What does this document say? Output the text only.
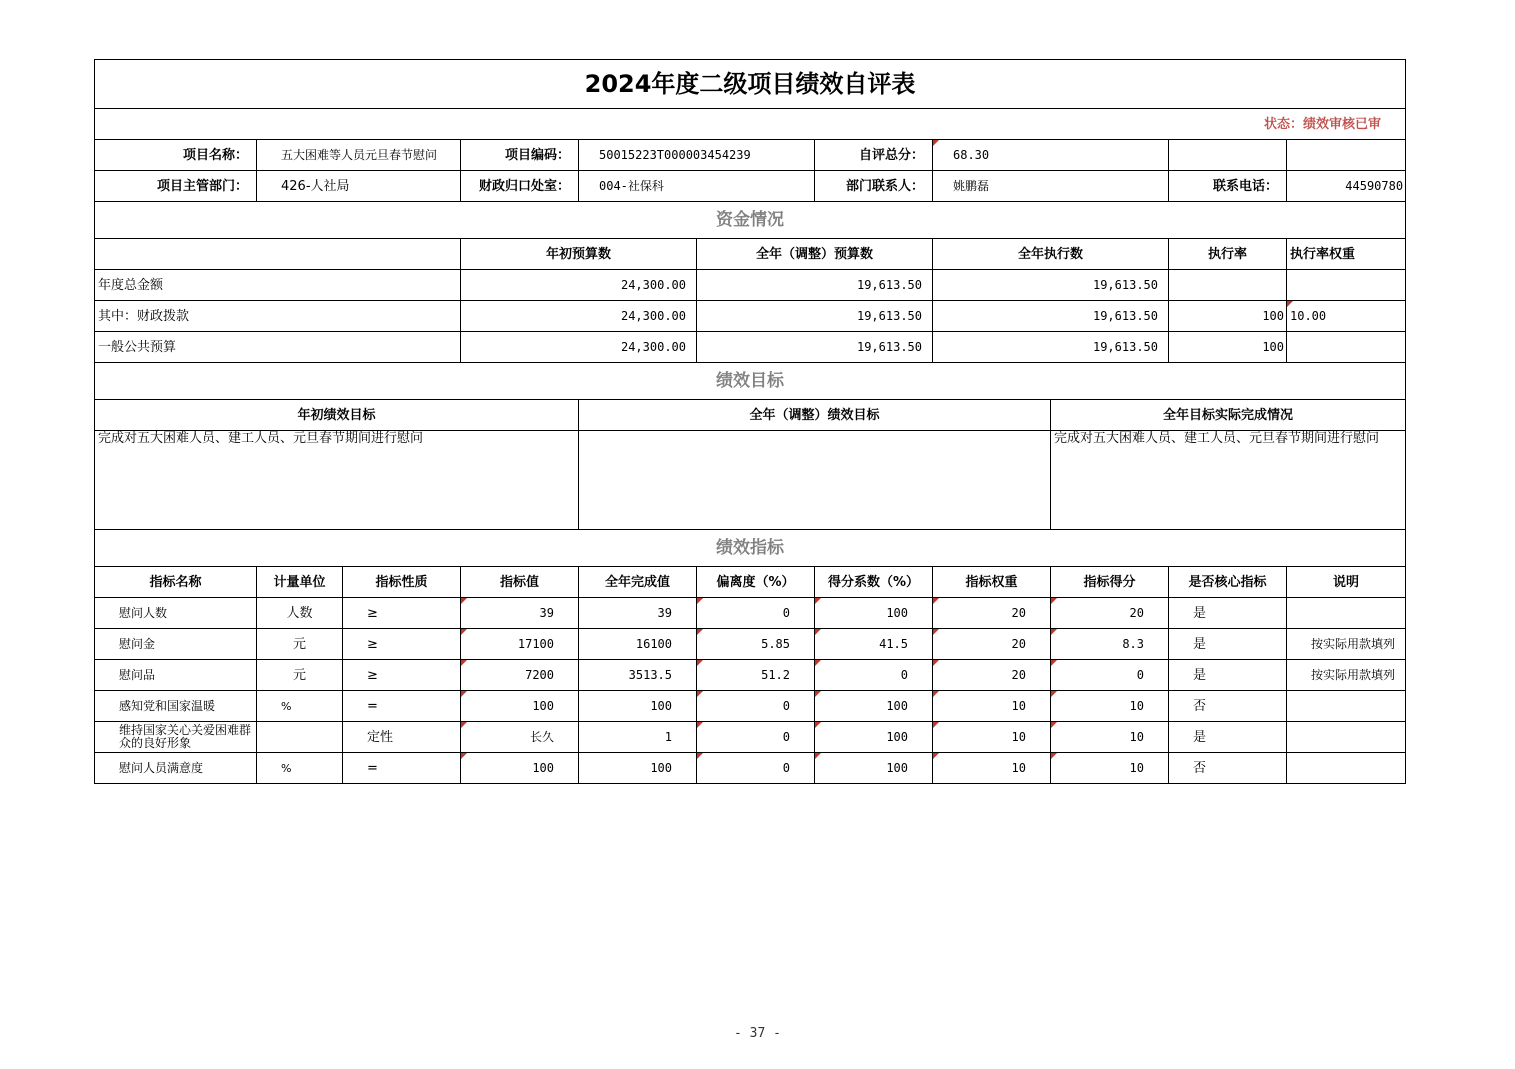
2024年度二级项目绩效自评表											
状态：绩效审核已审											
项目名称：	五大困难等人员元旦春节慰问		项目编码：	50015223T000003454239		自评总分：	68.30				
项目主管部门：	426-人社局		财政归口处室：	004-社保科		部门联系人：	姚鹏磊		联系电话：	44590780	
资金情况											
			年初预算数		全年（调整）预算数		全年执行数		执行率	执行率权重	
年度总金额			24,300.00		19,613.50		19,613.50				
其中：财政拨款			24,300.00		19,613.50		19,613.50		100	10.00	
一般公共预算			24,300.00		19,613.50		19,613.50		100		
绩效目标											
年初绩效目标				全年（调整）绩效目标				全年目标实际完成情况			
完成对五大困难人员、建工人员、元旦春节期间进行慰问								完成对五大困难人员、建工人员、元旦春节期间进行慰问			
绩效指标											
指标名称	计量单位	指标性质	指标值	全年完成值	偏离度（%）	得分系数（%）	指标权重	指标得分	是否核心指标	说明	
慰问人数	人数	≥	39	39	0	100	20	20	是		
慰问金	元	≥	17100	16100	5.85	41.5	20	8.3	是	按实际用款填列	
慰问品	元	≥	7200	3513.5	51.2	0	20	0	是	按实际用款填列	
感知党和国家温暖	%	=	100	100	0	100	10	10	否		
维持国家关心关爱困难群众的良好形象		定性	长久	1	0	100	10	10	是		
慰问人员满意度	%	=	100	100	0	100	10	10	否		
- 37 -
